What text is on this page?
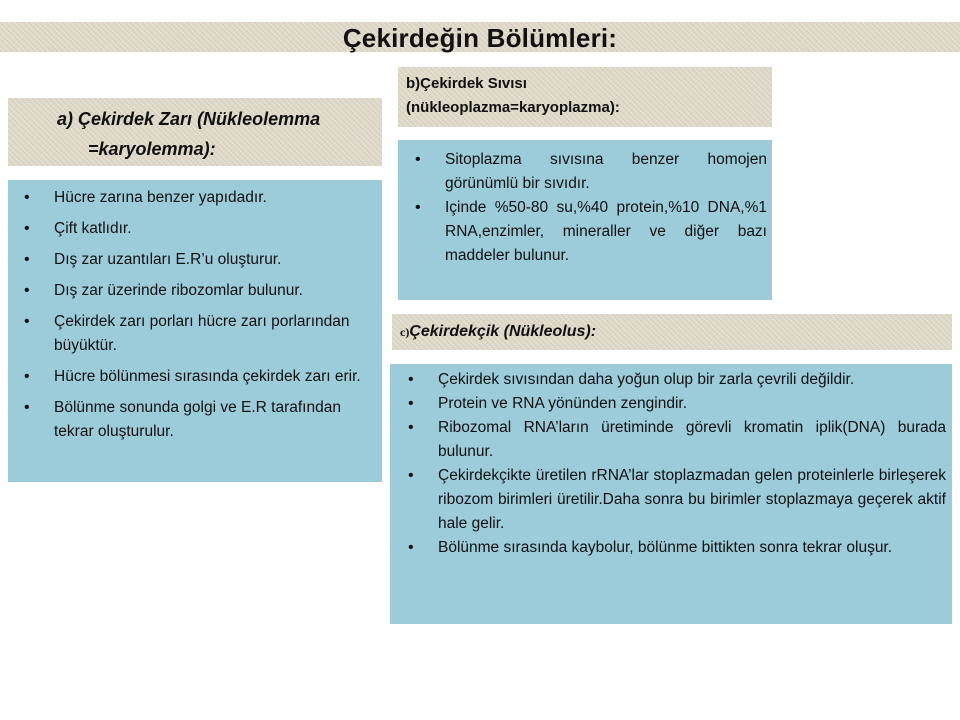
Çekirdeğin Bölümleri:
a) Çekirdek Zarı (Nükleolemma
=karyolemma):
• Hücre zarına benzer yapıdadır.
• Çift katlıdır.
• Dış zar uzantıları E.R’u oluşturur.
• Dış zar üzerinde ribozomlar bulunur.
• Çekirdek zarı porları hücre zarı porlarından büyüktür.
• Hücre bölünmesi sırasında çekirdek zarı erir.
• Bölünme sonunda golgi ve E.R tarafından tekrar oluşturulur.
b)Çekirdek Sıvısı
(nükleoplazma=karyoplazma):
• Sitoplazma sıvısına benzer homojen görünümlü bir sıvıdır.
• Içinde %50-80 su,%40 protein,%10 DNA,%1 RNA,enzimler, mineraller ve diğer bazı maddeler bulunur.
c)Çekirdekçik (Nükleolus):
• Çekirdek sıvısından daha yoğun olup bir zarla çevrili değildir.
• Protein ve RNA yönünden zengindir.
• Ribozomal RNA’ların üretiminde görevli kromatin iplik(DNA) burada bulunur.
• Çekirdekçikte üretilen rRNA’lar stoplazmadan gelen proteinlerle birleşerek ribozom birimleri üretilir.Daha sonra bu birimler stoplazmaya geçerek aktif hale gelir.
• Bölünme sırasında kaybolur, bölünme bittikten sonra tekrar oluşur.
